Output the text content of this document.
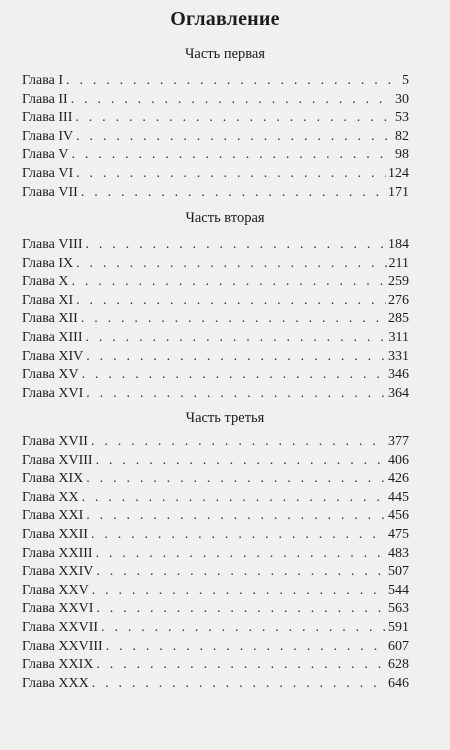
Оглавление
Часть первая
Глава I . . .	5
Глава II . . .	30
Глава III . . .	53
Глава IV . . .	82
Глава V . . .	98
Глава VI . . .	124
Глава VII . . .	171
Часть вторая
Глава VIII . . .	184
Глава IX . . .	211
Глава X . . .	259
Глава XI . . .	276
Глава XII . . .	285
Глава XIII . . .	311
Глава XIV . . .	331
Глава XV . . .	346
Глава XVI . . .	364
Часть третья
Глава XVII . . .	377
Глава XVIII . . .	406
Глава XIX . . .	426
Глава XX . . .	445
Глава XXI . . .	456
Глава XXII . . .	475
Глава XXIII . . .	483
Глава XXIV . . .	507
Глава XXV . . .	544
Глава XXVI . . .	563
Глава XXVII . . .	591
Глава XXVIII . . .	607
Глава XXIX . . .	628
Глава XXX . . .	646
